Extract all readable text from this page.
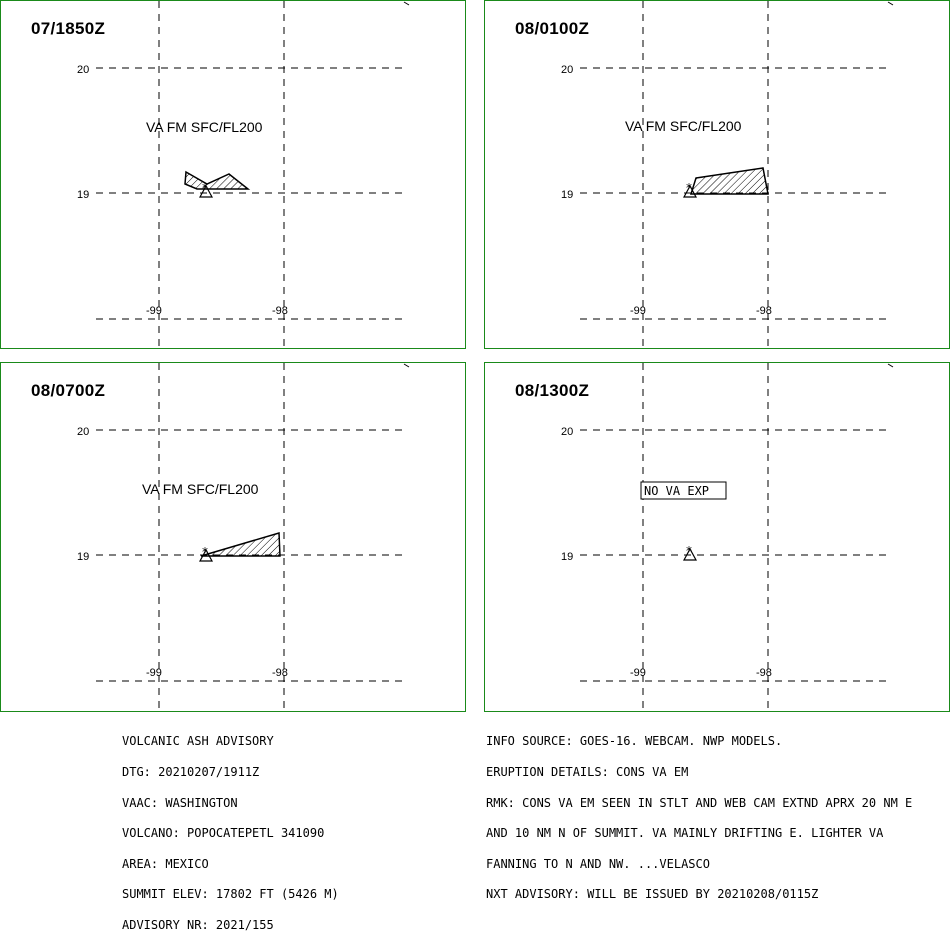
20
19
-99	-98
VA FM SFC/FL200
*
07/1850Z
20
19
-99	-98
VA FM SFC/FL200
*
08/0100Z
20
19
-99	-98
VA FM SFC/FL200
*
08/0700Z
20
19
-99	-98
NO VA EXP
*
08/1300Z

VOLCANIC ASH ADVISORY

DTG: 20210207/1911Z

VAAC: WASHINGTON

VOLCANO: POPOCATEPETL 341090

AREA: MEXICO

SUMMIT ELEV: 17802 FT (5426 M)

ADVISORY NR: 2021/155

INFO SOURCE: GOES-16. WEBCAM. NWP MODELS.

ERUPTION DETAILS: CONS VA EM

RMK: CONS VA EM SEEN IN STLT AND WEB CAM EXTND APRX 20 NM E

AND 10 NM N OF SUMMIT. VA MAINLY DRIFTING E. LIGHTER VA

FANNING TO N AND NW. ...VELASCO

NXT ADVISORY: WILL BE ISSUED BY 20210208/0115Z
